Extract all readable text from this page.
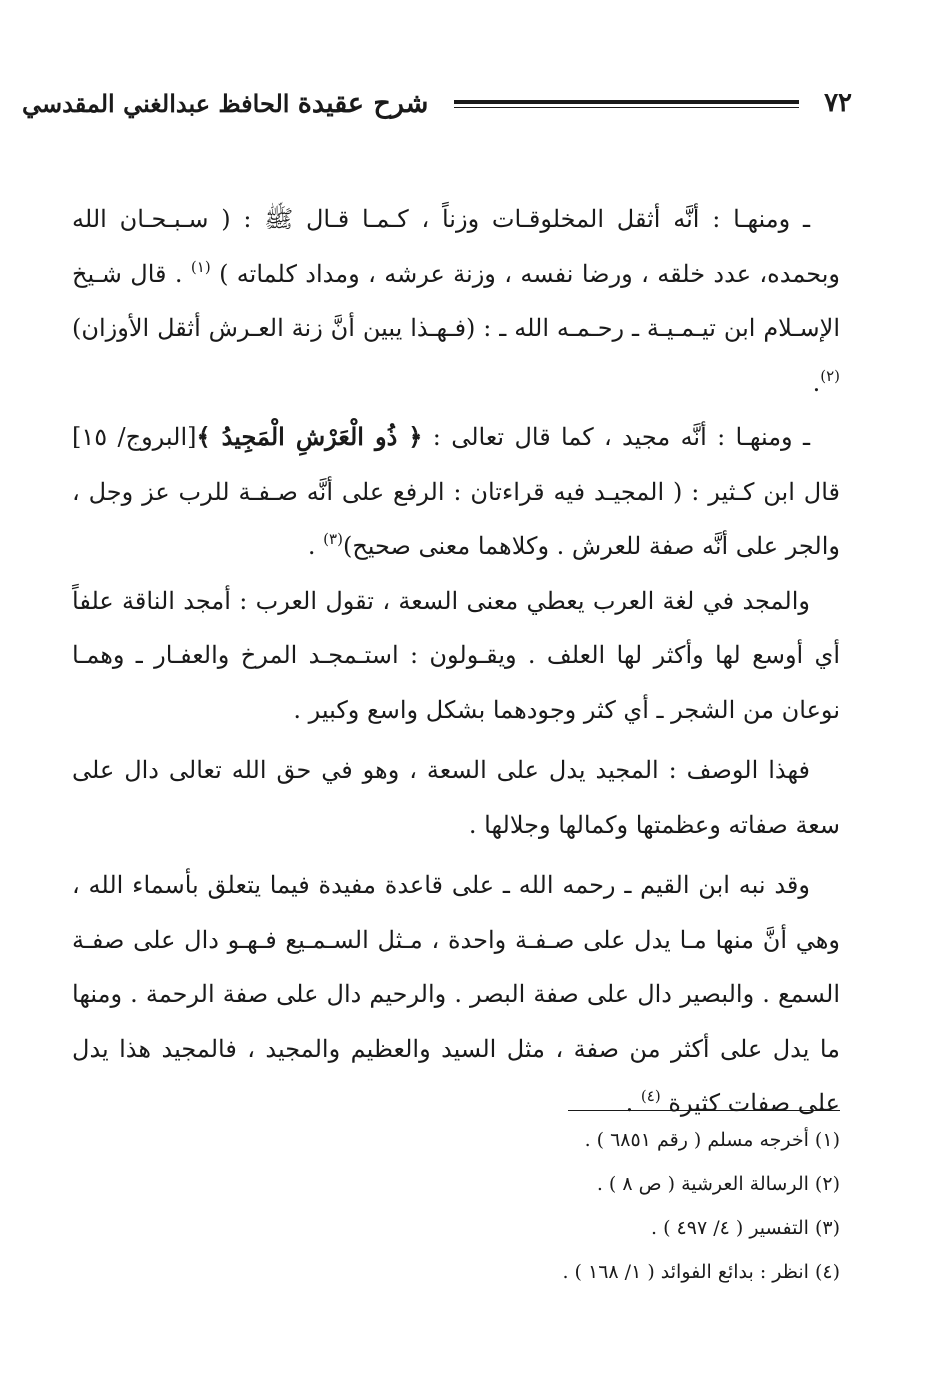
٧٢
شرح عقيدة الحافظ عبدالغني المقدسي

ـ ومنهـا : أنَّه أثقل المخلوقـات وزناً ، كـمـا قـال ﷺ : ( سـبـحـان الله وبحمده، عدد خلقه ، ورضا نفسه ، وزنة عرشه ، ومداد كلماته ) $^{(١)}$ . قال شـيخ الإسـلام ابن تيـمـيـة ـ رحـمـه الله ـ : (فـهـذا يبين أنَّ زنة العـرش أثقل الأوزان)$^{(٢)}$.

ـ ومنهـا : أنَّه مجيد ، كما قال تعالى : ﴿ ذُو الْعَرْشِ الْمَجِيدُ ﴾[البروج/ ١٥] قال ابن كـثير : ( المجيـد فيه قراءتان : الرفع على أنَّه صـفـة للرب عز وجل ، والجر على أنَّه صفة للعرش . وكلاهما معنى صحيح)$^{(٣)}$ .

والمجد في لغة العرب يعطي معنى السعة ، تقول العرب : أمجد الناقة علفاً أي أوسع لها وأكثر لها العلف . ويقـولون : استـمجـد المرخ والعفـار ـ وهمـا نوعان من الشجر ـ أي كثر وجودهما بشكل واسع وكبير .

فهذا الوصف : المجيد يدل على السعة ، وهو في حق الله تعالى دال على سعة صفاته وعظمتها وكمالها وجلالها .

وقد نبه ابن القيم ـ رحمه الله ـ على قاعدة مفيدة فيما يتعلق بأسماء الله ، وهي أنَّ منها مـا يدل على صـفـة واحدة ، مـثل السـمـيع فـهـو دال على صفـة السمع . والبصير دال على صفة البصر . والرحيم دال على صفة الرحمة . ومنها ما يدل على أكثر من صفة ، مثل السيد والعظيم والمجيد ، فالمجيد هذا يدل على صفات كثيرة $^{(٤)}$ .

(١) أخرجه مسلم ( رقم ٦٨٥١ ) .

(٢) الرسالة العرشية ( ص ٨ ) .

(٣) التفسير ( ٤/ ٤٩٧ ) .

(٤) انظر : بدائع الفوائد ( ١/ ١٦٨ ) .
